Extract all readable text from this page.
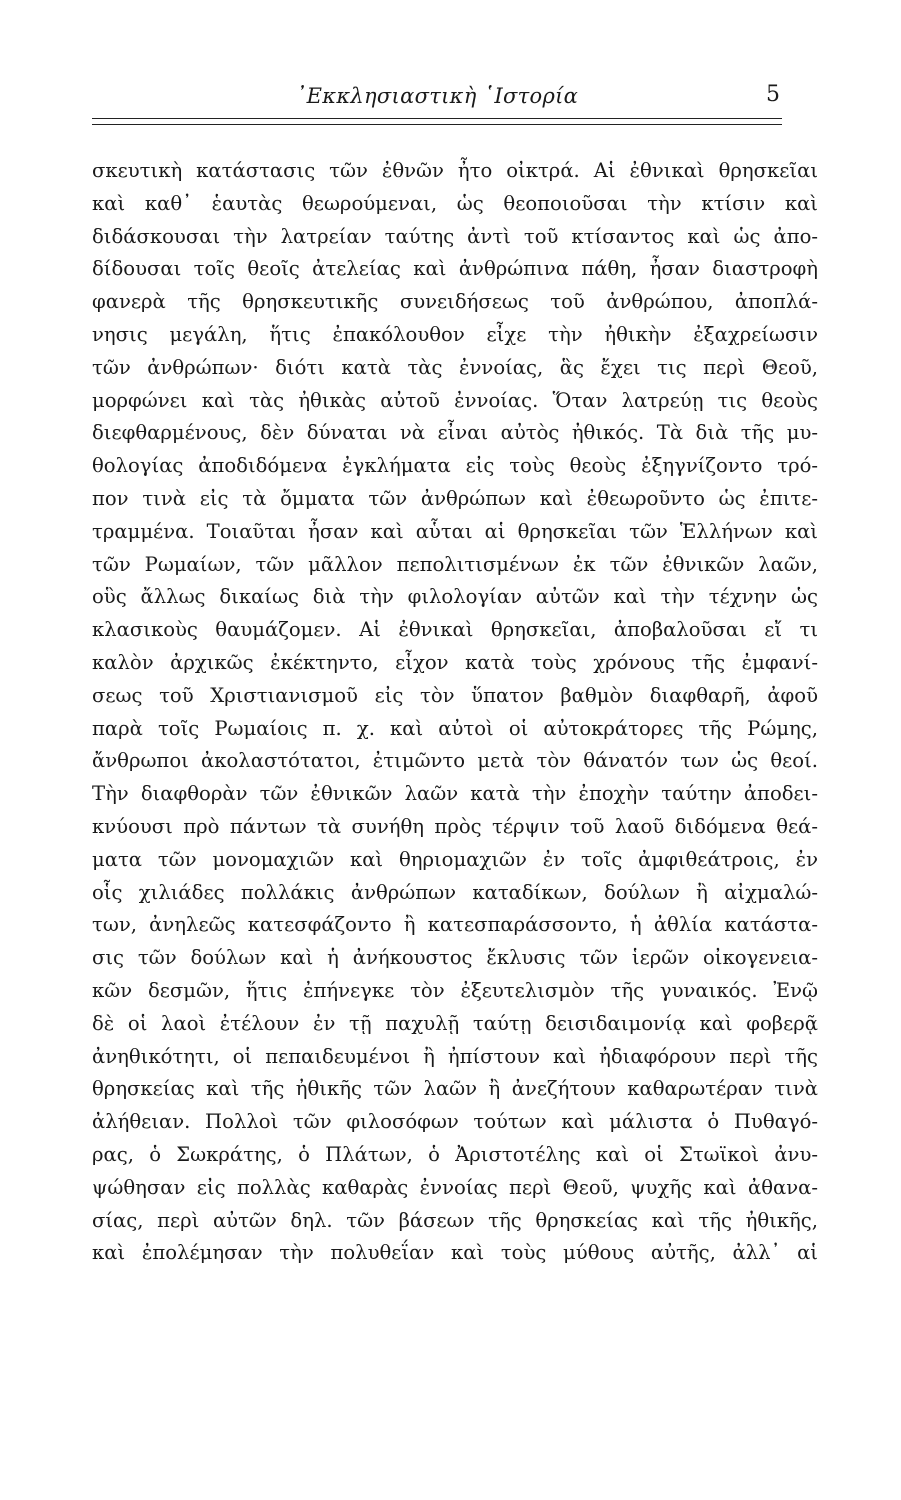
᾿Εκκλησιαστικὴ ῾Ιστορία	5
σκευτικὴ κατάστασις τῶν ἐθνῶν ἦτο οἰκτρά. Αἱ ἐθνικαὶ θρησκεῖαι
καὶ καθ᾿ ἑαυτὰς θεωρούμεναι, ὡς θεοποιοῦσαι τὴν κτίσιν καὶ
διδάσκουσαι τὴν λατρείαν ταύτης ἀντὶ τοῦ κτίσαντος καὶ ὡς ἀπο-
δίδουσαι τοῖς θεοῖς ἀτελείας καὶ ἀνθρώπινα πάθη, ἦσαν διαστροφὴ
φανερὰ τῆς θρησκευτικῆς συνειδήσεως τοῦ ἀνθρώπου, ἀποπλά-
νησις μεγάλη, ἥτις ἐπακόλουθον εἶχε τὴν ἠθικὴν ἐξαχρείωσιν
τῶν ἀνθρώπων· διότι κατὰ τὰς ἐννοίας, ἃς ἔχει τις περὶ Θεοῦ,
μορφώνει καὶ τὰς ἠθικὰς αὐτοῦ ἐννοίας. Ὅταν λατρεύῃ τις θεοὺς
διεφθαρμένους, δὲν δύναται νὰ εἶναι αὐτὸς ἠθικός. Τὰ διὰ τῆς μυ-
θολογίας ἀποδιδόμενα ἐγκλήματα εἰς τοὺς θεοὺς ἐξηγνίζοντο τρό-
πον τινὰ εἰς τὰ ὄμματα τῶν ἀνθρώπων καὶ ἐθεωροῦντο ὡς ἐπιτε-
τραμμένα. Τοιαῦται ἦσαν καὶ αὗται αἱ θρησκεῖαι τῶν Ἑλλήνων καὶ
τῶν Ρωμαίων, τῶν μᾶλλον πεπολιτισμένων ἐκ τῶν ἐθνικῶν λαῶν,
οὓς ἄλλως δικαίως διὰ τὴν φιλολογίαν αὐτῶν καὶ τὴν τέχνην ὡς
κλασικοὺς θαυμάζομεν. Αἱ ἐθνικαὶ θρησκεῖαι, ἀποβαλοῦσαι εἴ τι
καλὸν ἀρχικῶς ἐκέκτηντο, εἶχον κατὰ τοὺς χρόνους τῆς ἐμφανί-
σεως τοῦ Χριστιανισμοῦ εἰς τὸν ὕπατον βαθμὸν διαφθαρῆ, ἀφοῦ
παρὰ τοῖς Ρωμαίοις π. χ. καὶ αὐτοὶ οἱ αὐτοκράτορες τῆς Ρώμης,
ἄνθρωποι ἀκολαστότατοι, ἐτιμῶντο μετὰ τὸν θάνατόν των ὡς θεοί.
Τὴν διαφθορὰν τῶν ἐθνικῶν λαῶν κατὰ τὴν ἐποχὴν ταύτην ἀποδει-
κνύουσι πρὸ πάντων τὰ συνήθη πρὸς τέρψιν τοῦ λαοῦ διδόμενα θεά-
ματα τῶν μονομαχιῶν καὶ θηριομαχιῶν ἐν τοῖς ἀμφιθεάτροις, ἐν
οἷς χιλιάδες πολλάκις ἀνθρώπων καταδίκων, δούλων ἢ αἰχμαλώ-
των, ἀνηλεῶς κατεσφάζοντο ἢ κατεσπαράσσοντο, ἡ ἀθλία κατάστα-
σις τῶν δούλων καὶ ἡ ἀνήκουστος ἔκλυσις τῶν ἱερῶν οἰκογενεια-
κῶν δεσμῶν, ἥτις ἐπήνεγκε τὸν ἐξευτελισμὸν τῆς γυναικός. Ἐνῷ
δὲ οἱ λαοὶ ἐτέλουν ἐν τῇ παχυλῇ ταύτῃ δεισιδαιμονίᾳ καὶ φοβερᾷ
ἀνηθικότητι, οἱ πεπαιδευμένοι ἢ ἠπίστουν καὶ ἠδιαφόρουν περὶ τῆς
θρησκείας καὶ τῆς ἠθικῆς τῶν λαῶν ἢ ἀνεζήτουν καθαρωτέραν τινὰ
ἀλήθειαν. Πολλοὶ τῶν φιλοσόφων τούτων καὶ μάλιστα ὁ Πυθαγό-
ρας, ὁ Σωκράτης, ὁ Πλάτων, ὁ Ἀριστοτέλης καὶ οἱ Στωϊκοὶ ἀνυ-
ψώθησαν εἰς πολλὰς καθαρὰς ἐννοίας περὶ Θεοῦ, ψυχῆς καὶ ἀθανα-
σίας, περὶ αὐτῶν δηλ. τῶν βάσεων τῆς θρησκείας καὶ τῆς ἠθικῆς,
καὶ ἐπολέμησαν τὴν πολυθεΐαν καὶ τοὺς μύθους αὐτῆς, ἀλλ᾿ αἱ
